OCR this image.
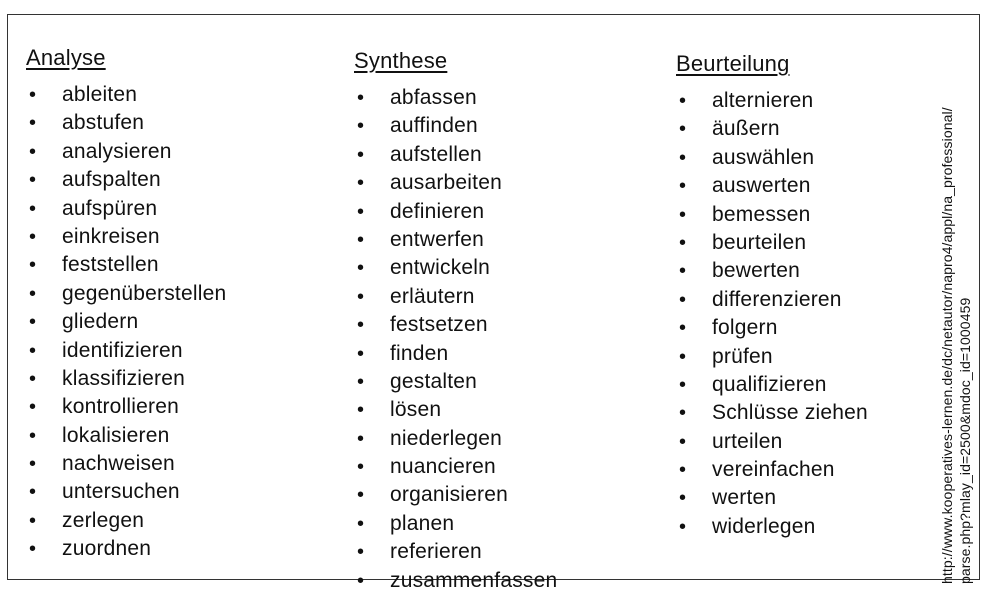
Analyse
• ableiten
• abstufen
• analysieren
• aufspalten
• aufspüren
• einkreisen
• feststellen
• gegenüberstellen
• gliedern
• identifizieren
• klassifizieren
• kontrollieren
• lokalisieren
• nachweisen
• untersuchen
• zerlegen
• zuordnen
Synthese
• abfassen
• auffinden
• aufstellen
• ausarbeiten
• definieren
• entwerfen
• entwickeln
• erläutern
• festsetzen
• finden
• gestalten
• lösen
• niederlegen
• nuancieren
• organisieren
• planen
• referieren
• zusammenfassen
Beurteilung
• alternieren
• äußern
• auswählen
• auswerten
• bemessen
• beurteilen
• bewerten
• differenzieren
• folgern
• prüfen
• qualifizieren
• Schlüsse ziehen
• urteilen
• vereinfachen
• werten
• widerlegen	http://www.kooperatives-lernen.de/dc/netautor/napro4/appl/na_professional/ parse.php?mlay_id=2500&mdoc_id=1000459
